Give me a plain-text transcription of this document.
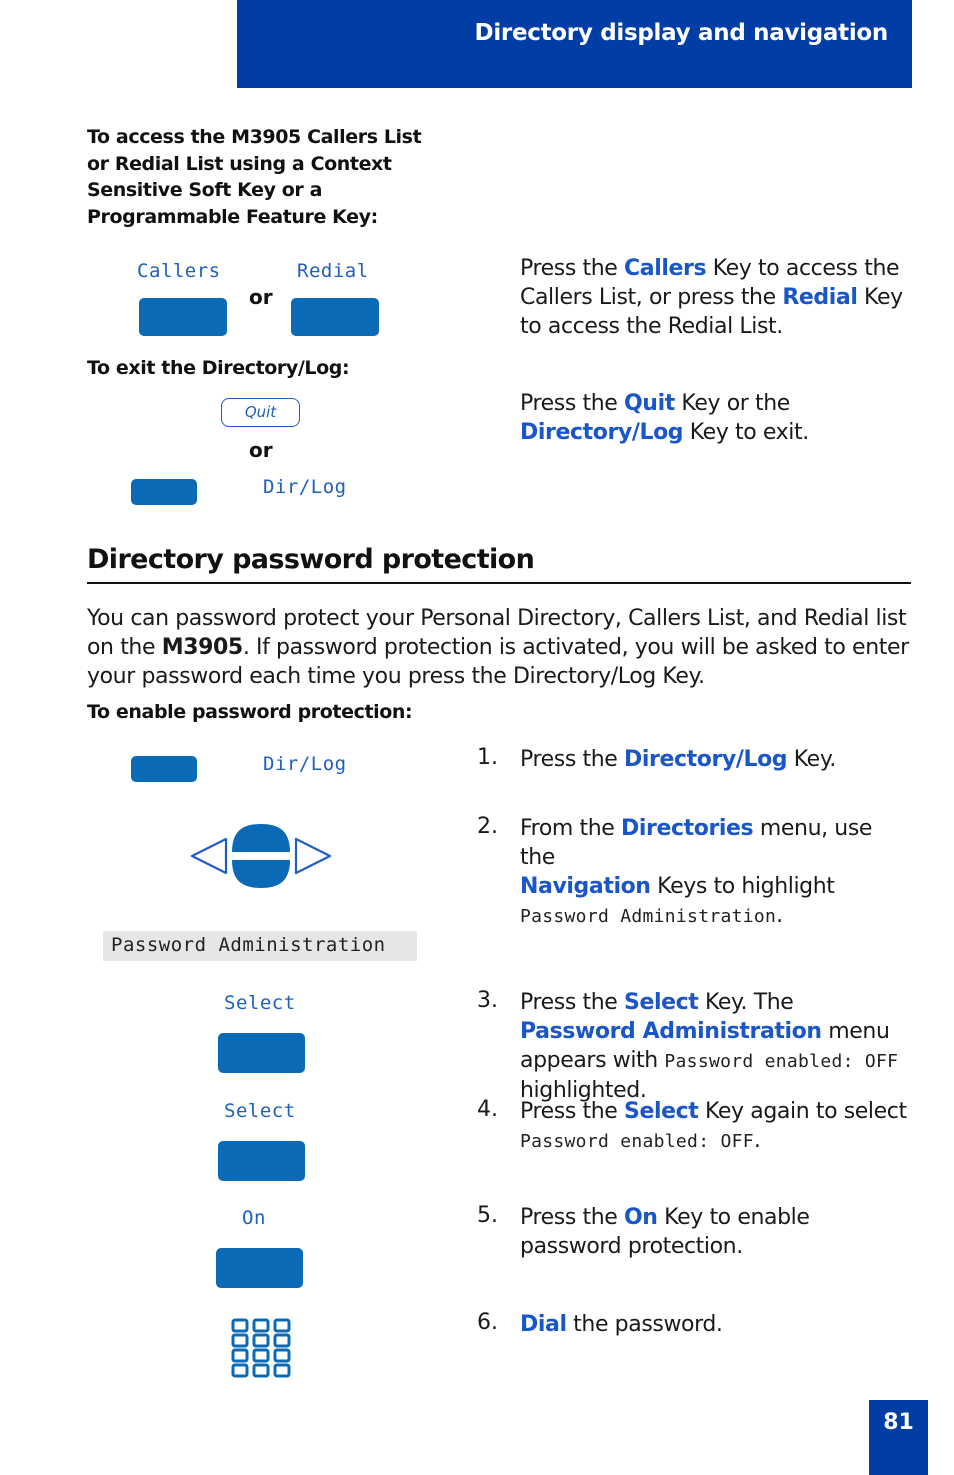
Directory display and navigation
To access the M3905 Callers List or Redial List using a Context Sensitive Soft Key or a Programmable Feature Key:
Callers	Redial
or
Press the Callers Key to access the Callers List, or press the Redial Key to access the Redial List.
To exit the Directory/Log:
Quit
or
Dir/Log
Press the Quit Key or the
Directory/Log Key to exit.
Directory password protection
You can password protect your Personal Directory, Callers List, and Redial list on the M3905. If password protection is activated, you will be asked to enter your password each time you press the Directory/Log Key.
To enable password protection:
Dir/Log
Password Administration
Select
Select
On
1. Press the Directory/Log Key.
2. From the Directories menu, use the
Navigation Keys to highlight
Password Administration.
3. Press the Select Key. The Password Administration menu appears with Password enabled: OFF highlighted.
4. Press the Select Key again to select
Password enabled: OFF.
5. Press the On Key to enable password protection.
6. Dial the password.
81
